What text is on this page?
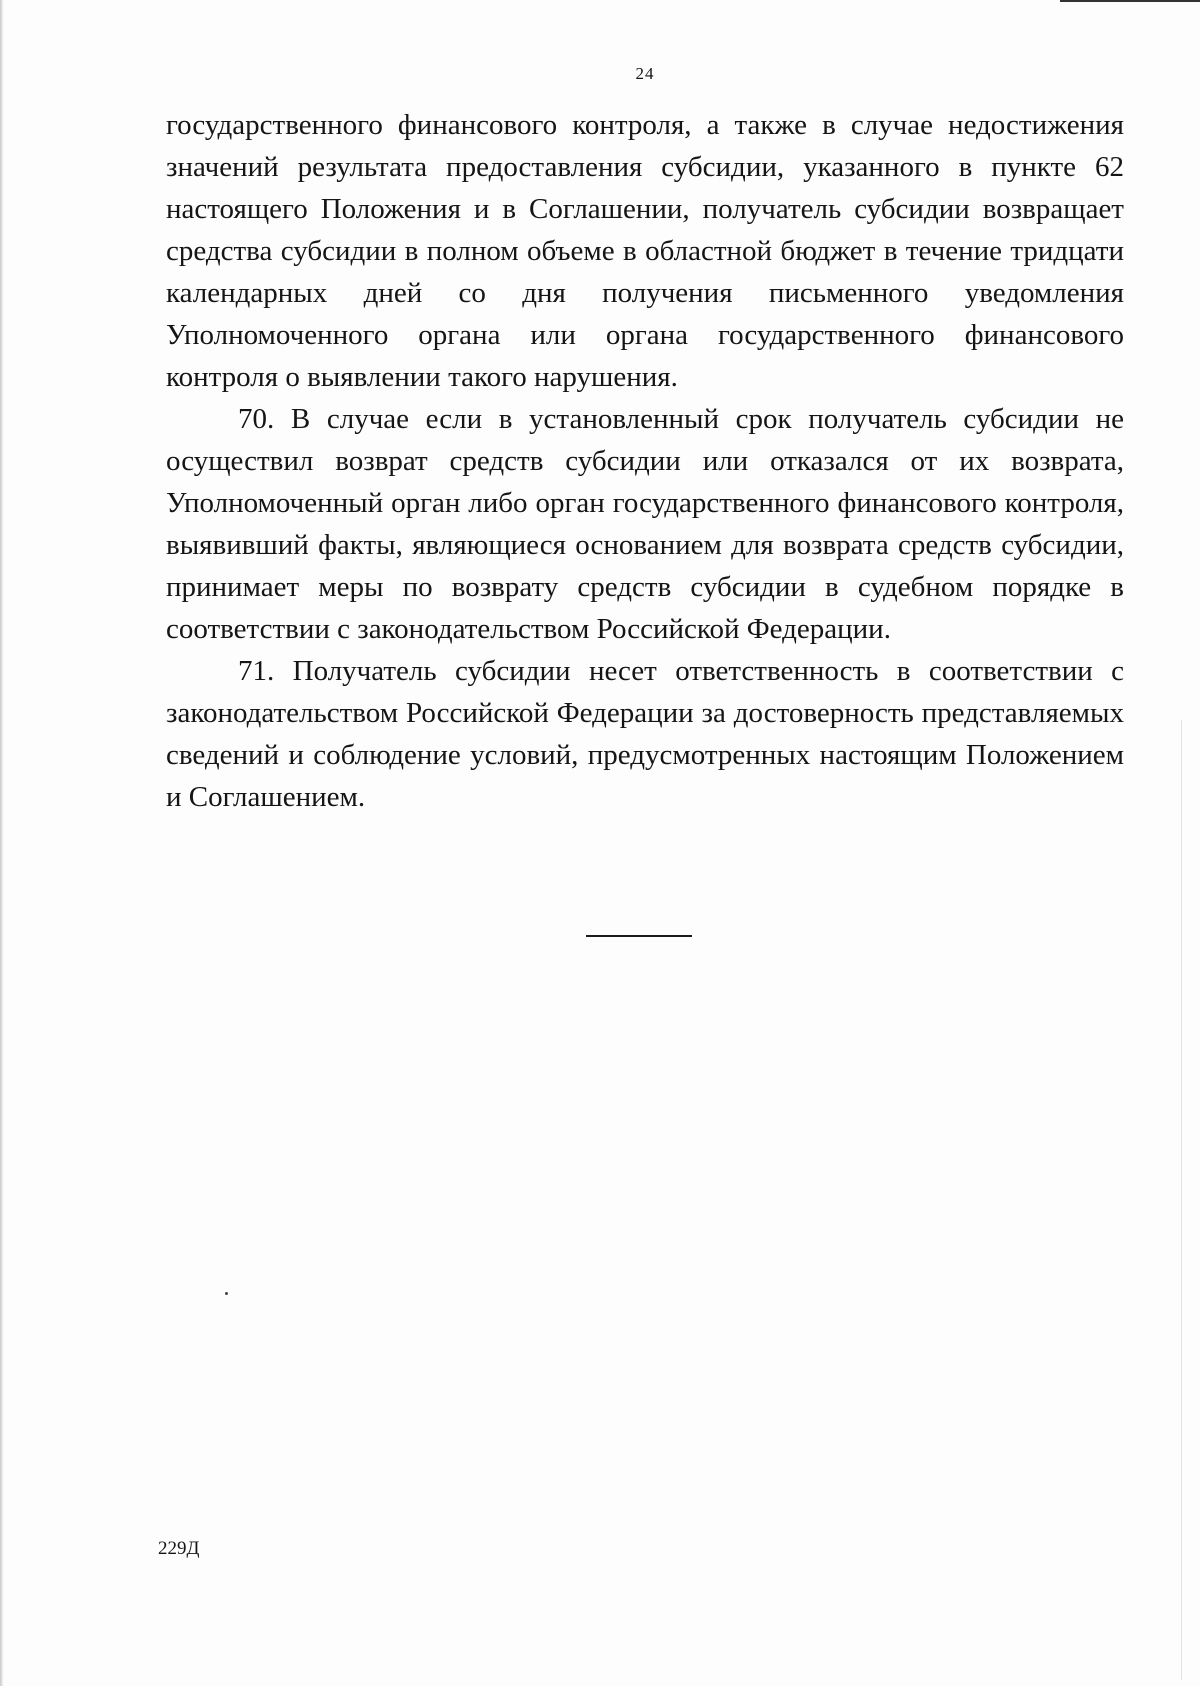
24

государственного финансового контроля, а также в случае недостижения значений результата предоставления субсидии, указанного в пункте 62 настоящего Положения и в Соглашении, получатель субсидии возвращает средства субсидии в полном объеме в областной бюджет в течение тридцати календарных дней со дня получения письменного уведомления Уполномоченного органа или органа государственного финансового контроля о выявлении такого нарушения.

70. В случае если в установленный срок получатель субсидии не осуществил возврат средств субсидии или отказался от их возврата, Уполномоченный орган либо орган государственного финансового контроля, выявивший факты, являющиеся основанием для возврата средств субсидии, принимает меры по возврату средств субсидии в судебном порядке в соответствии с законодательством Российской Федерации.

71. Получатель субсидии несет ответственность в соответствии с законодательством Российской Федерации за достоверность представляемых сведений и соблюдение условий, предусмотренных настоящим Положением и Соглашением.

229Д
